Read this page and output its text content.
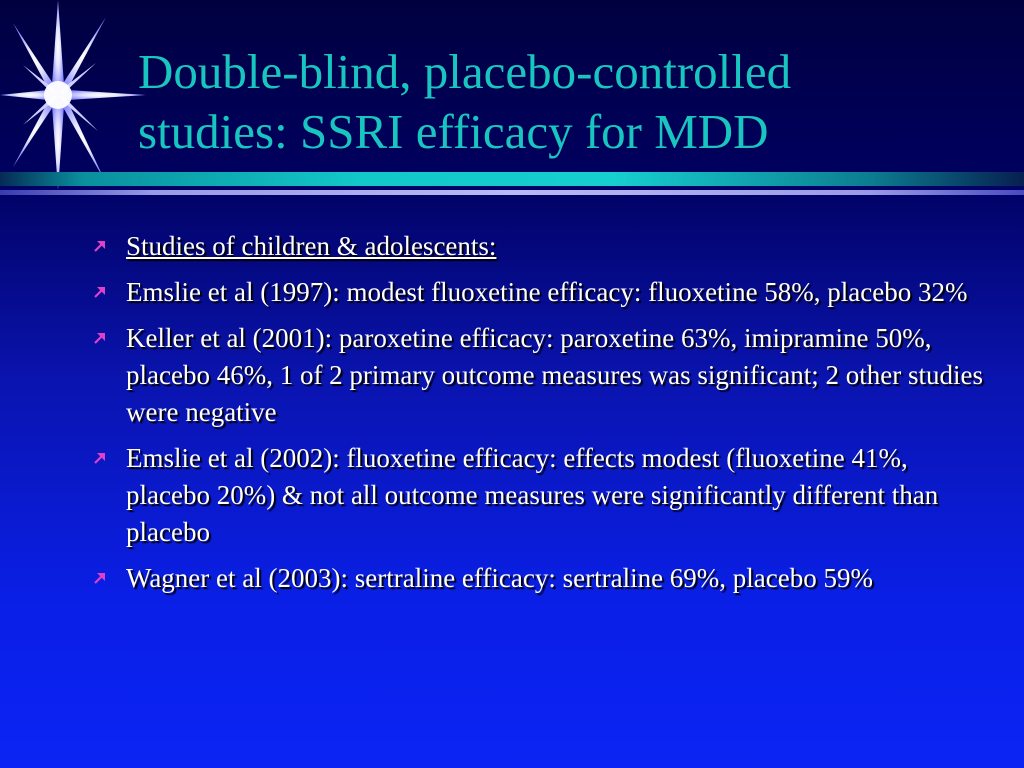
Double-blind, placebo-controlled
studies: SSRI efficacy for MDD
Studies of children & adolescents:
Emslie et al (1997): modest fluoxetine efficacy: fluoxetine 58%, placebo 32%
Keller et al (2001): paroxetine efficacy: paroxetine 63%, imipramine 50%, placebo 46%, 1 of 2 primary outcome measures was significant; 2 other studies were negative
Emslie et al (2002): fluoxetine efficacy: effects modest (fluoxetine 41%, placebo 20%) & not all outcome measures were significantly different than placebo
Wagner et al (2003): sertraline efficacy: sertraline 69%, placebo 59%
